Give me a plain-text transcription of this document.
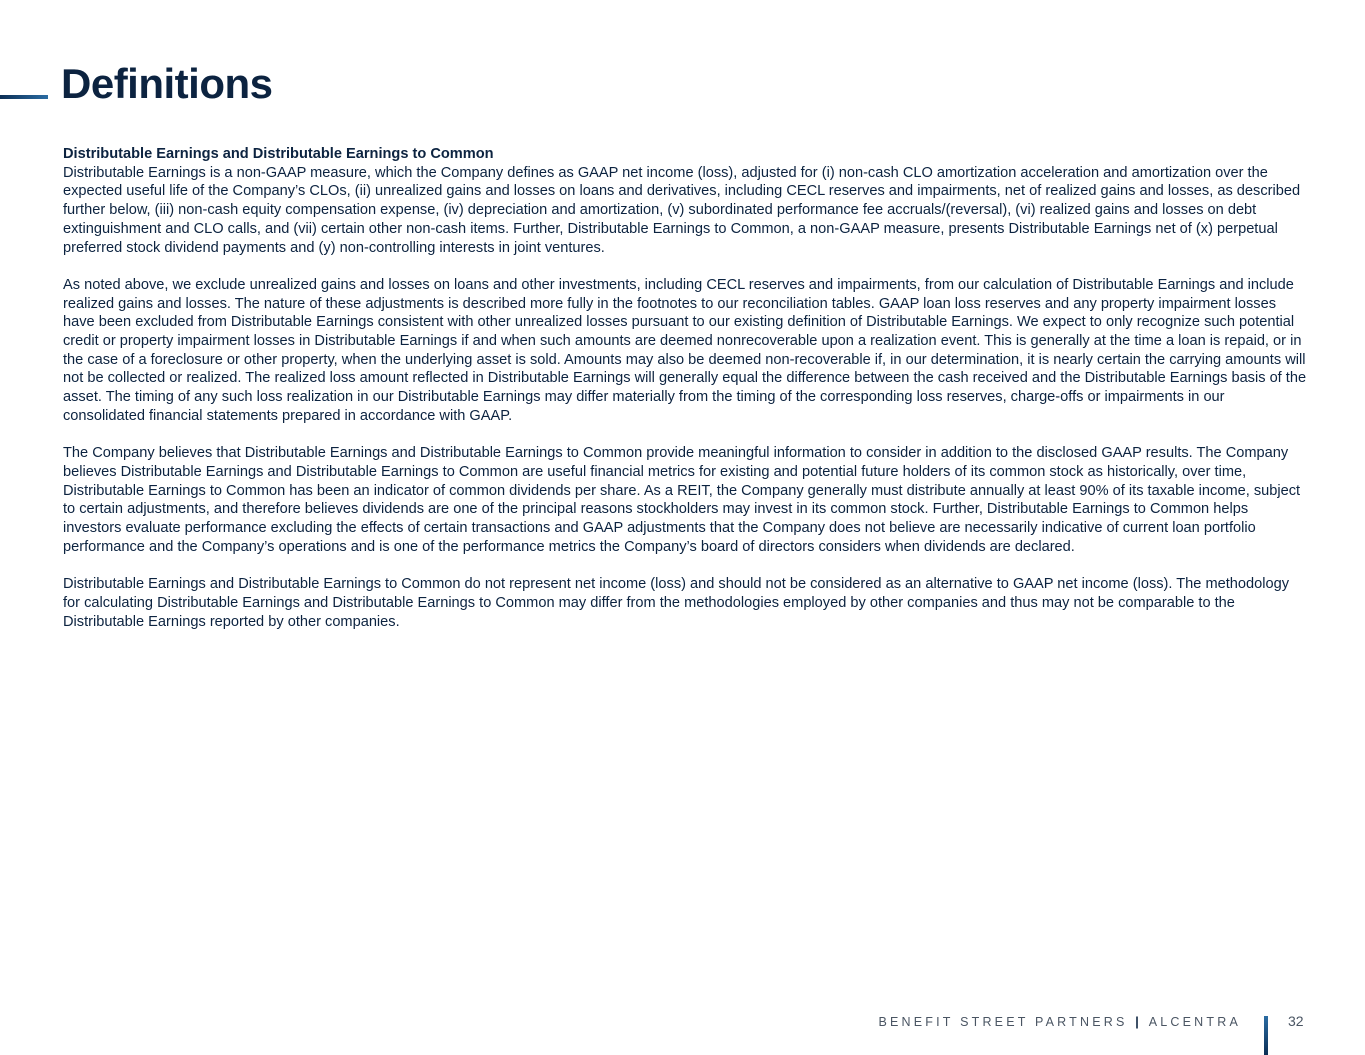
Definitions

Distributable Earnings and Distributable Earnings to Common

Distributable Earnings is a non-GAAP measure, which the Company defines as GAAP net income (loss), adjusted for (i) non-cash CLO amortization acceleration and amortization over the expected useful life of the Company’s CLOs, (ii) unrealized gains and losses on loans and derivatives, including CECL reserves and impairments, net of realized gains and losses, as described further below, (iii) non-cash equity compensation expense, (iv) depreciation and amortization, (v) subordinated performance fee accruals/(reversal), (vi) realized gains and losses on debt extinguishment and CLO calls, and (vii) certain other non-cash items. Further, Distributable Earnings to Common, a non-GAAP measure, presents Distributable Earnings net of (x) perpetual preferred stock dividend payments and (y) non-controlling interests in joint ventures.

As noted above, we exclude unrealized gains and losses on loans and other investments, including CECL reserves and impairments, from our calculation of Distributable Earnings and include realized gains and losses. The nature of these adjustments is described more fully in the footnotes to our reconciliation tables. GAAP loan loss reserves and any property impairment losses have been excluded from Distributable Earnings consistent with other unrealized losses pursuant to our existing definition of Distributable Earnings. We expect to only recognize such potential credit or property impairment losses in Distributable Earnings if and when such amounts are deemed nonrecoverable upon a realization event. This is generally at the time a loan is repaid, or in the case of a foreclosure or other property, when the underlying asset is sold. Amounts may also be deemed non-recoverable if, in our determination, it is nearly certain the carrying amounts will not be collected or realized. The realized loss amount reflected in Distributable Earnings will generally equal the difference between the cash received and the Distributable Earnings basis of the asset. The timing of any such loss realization in our Distributable Earnings may differ materially from the timing of the corresponding loss reserves, charge-offs or impairments in our consolidated financial statements prepared in accordance with GAAP.

The Company believes that Distributable Earnings and Distributable Earnings to Common provide meaningful information to consider in addition to the disclosed GAAP results. The Company believes Distributable Earnings and Distributable Earnings to Common are useful financial metrics for existing and potential future holders of its common stock as historically, over time, Distributable Earnings to Common has been an indicator of common dividends per share. As a REIT, the Company generally must distribute annually at least 90% of its taxable income, subject to certain adjustments, and therefore believes dividends are one of the principal reasons stockholders may invest in its common stock. Further, Distributable Earnings to Common helps investors evaluate performance excluding the effects of certain transactions and GAAP adjustments that the Company does not believe are necessarily indicative of current loan portfolio performance and the Company’s operations and is one of the performance metrics the Company’s board of directors considers when dividends are declared.

Distributable Earnings and Distributable Earnings to Common do not represent net income (loss) and should not be considered as an alternative to GAAP net income (loss). The methodology for calculating Distributable Earnings and Distributable Earnings to Common may differ from the methodologies employed by other companies and thus may not be comparable to the Distributable Earnings reported by other companies.

BENEFIT STREET PARTNERS | ALCENTRA	32
